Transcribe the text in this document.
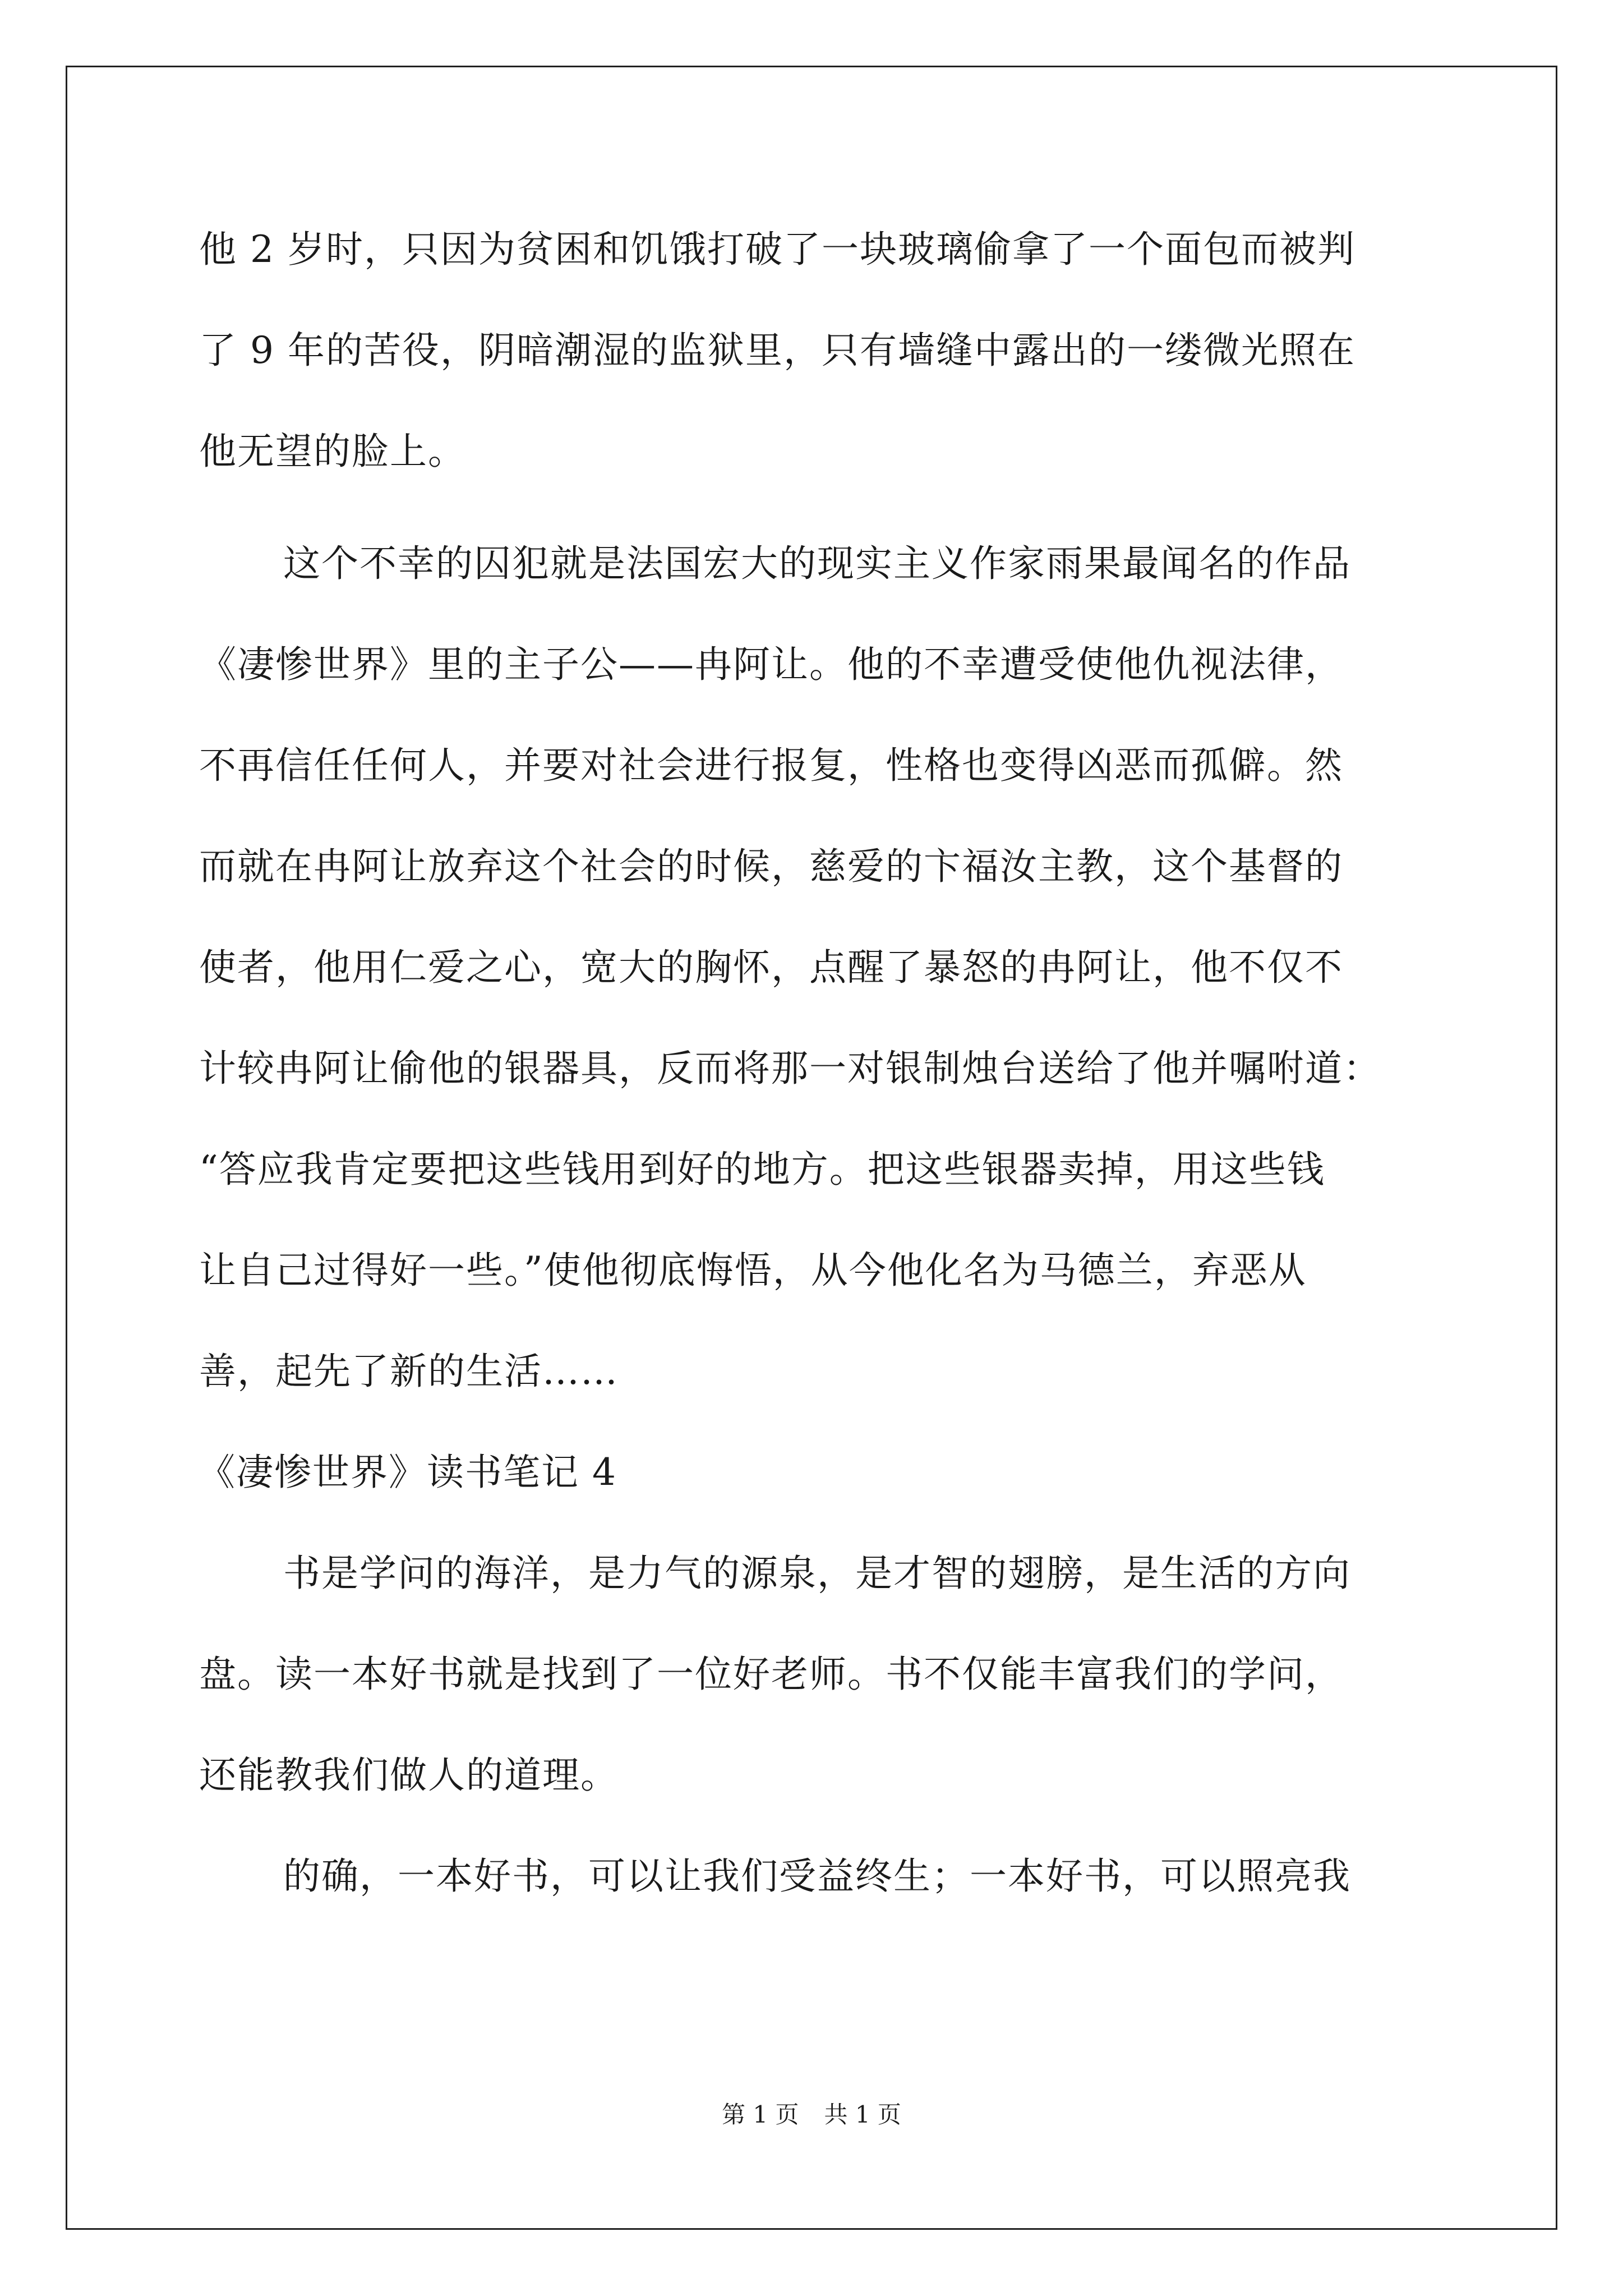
他 2 岁时，只因为贫困和饥饿打破了一块玻璃偷拿了一个面包而被判
了 9 年的苦役，阴暗潮湿的监狱里，只有墙缝中露出的一缕微光照在
他无望的脸上。
这个不幸的囚犯就是法国宏大的现实主义作家雨果最闻名的作品
《凄惨世界》里的主子公——冉阿让。他的不幸遭受使他仇视法律，
不再信任任何人，并要对社会进行报复，性格也变得凶恶而孤僻。然
而就在冉阿让放弃这个社会的时候，慈爱的卞福汝主教，这个基督的
使者，他用仁爱之心，宽大的胸怀，点醒了暴怒的冉阿让，他不仅不
计较冉阿让偷他的银器具，反而将那一对银制烛台送给了他并嘱咐道：
“答应我肯定要把这些钱用到好的地方。把这些银器卖掉，用这些钱
让自己过得好一些。”使他彻底悔悟，从今他化名为马德兰，弃恶从
善，起先了新的生活……
《凄惨世界》读书笔记 4
书是学问的海洋，是力气的源泉，是才智的翅膀，是生活的方向
盘。读一本好书就是找到了一位好老师。书不仅能丰富我们的学问，
还能教我们做人的道理。
的确，一本好书，可以让我们受益终生；一本好书，可以照亮我
第 1 页 共 1 页
